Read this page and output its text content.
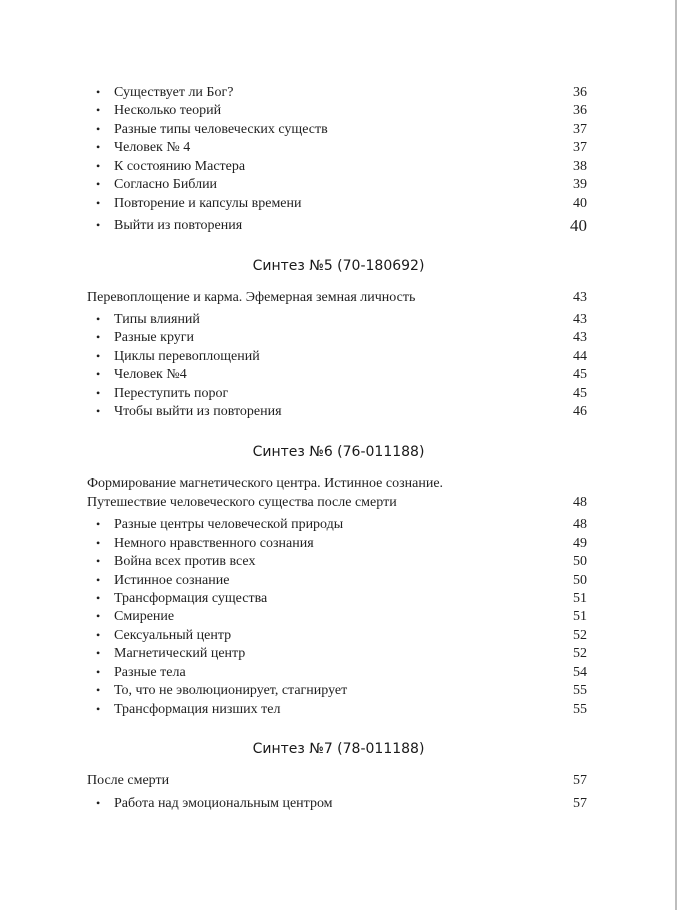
• Существует ли Бог?	36
• Несколько теорий	36
• Разные типы человеческих существ	37
• Человек № 4	37
• К состоянию Мастера	38
• Согласно Библии	39
• Повторение и капсулы времени	40
• Выйти из повторения	40
Синтез №5 (70-180692)
Перевоплощение и карма. Эфемерная земная личность	43
• Типы влияний	43
• Разные круги	43
• Циклы перевоплощений	44
• Человек №4	45
• Переступить порог	45
• Чтобы выйти из повторения	46
Синтез №6 (76-011188)
Формирование магнетического центра. Истинное сознание.
Путешествие человеческого существа после смерти	48
• Разные центры человеческой природы	48
• Немного нравственного сознания	49
• Война всех против всех	50
• Истинное сознание	50
• Трансформация существа	51
• Смирение	51
• Сексуальный центр	52
• Магнетический центр	52
• Разные тела	54
• То, что не эволюционирует, стагнирует	55
• Трансформация низших тел	55
Синтез №7 (78-011188)
После смерти	57
• Работа над эмоциональным центром	57
